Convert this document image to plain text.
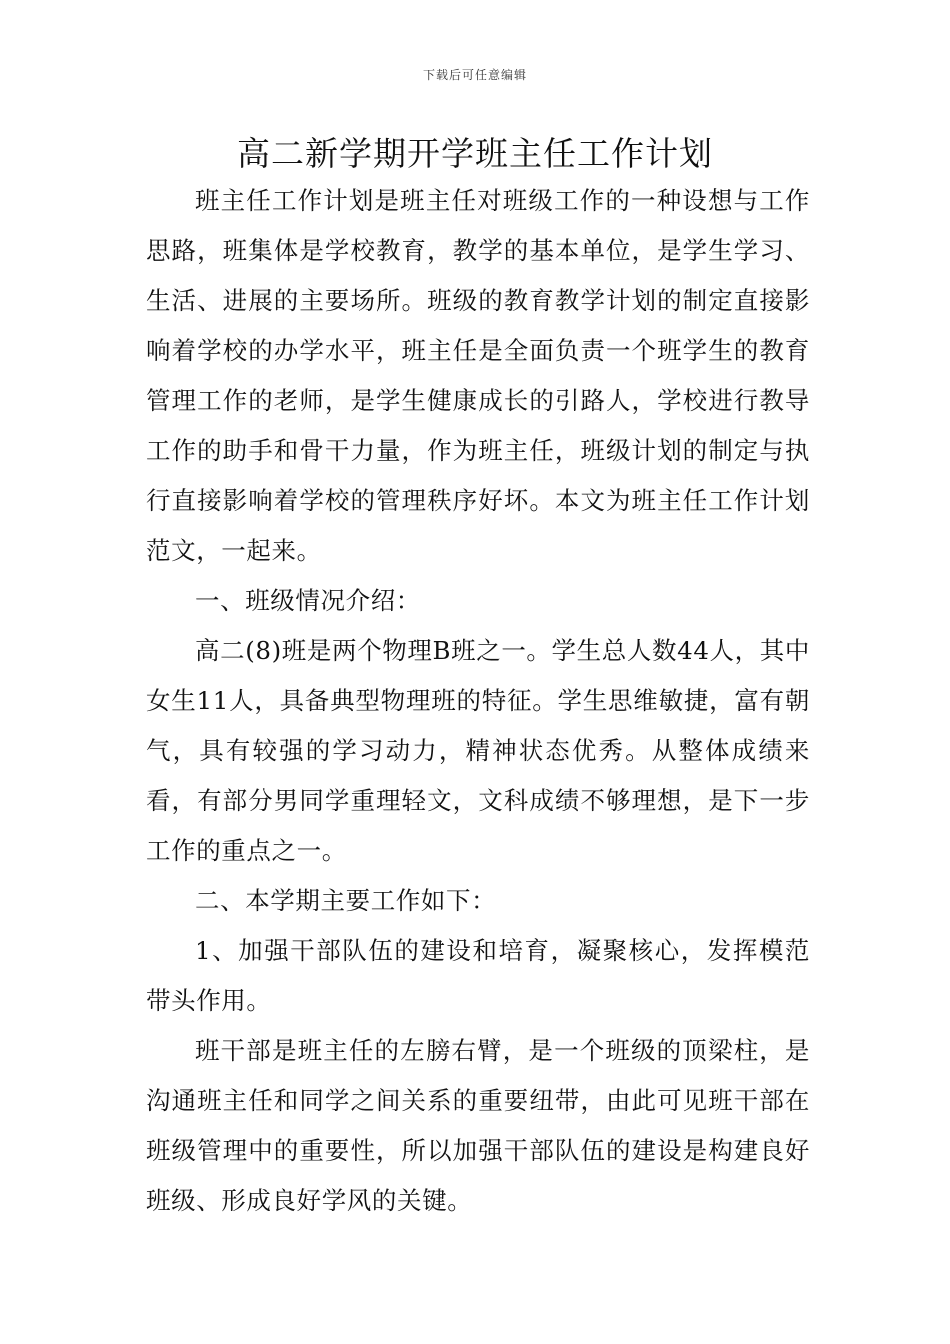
下载后可任意编辑
高二新学期开学班主任工作计划

班主任工作计划是班主任对班级工作的一种设想与工作思路，班集体是学校教育，教学的基本单位，是学生学习、生活、进展的主要场所。班级的教育教学计划的制定直接影响着学校的办学水平，班主任是全面负责一个班学生的教育管理工作的老师，是学生健康成长的引路人，学校进行教导工作的助手和骨干力量，作为班主任，班级计划的制定与执行直接影响着学校的管理秩序好坏。本文为班主任工作计划范文，一起来。

一、班级情况介绍：

高二(8)班是两个物理B班之一。学生总人数44人，其中女生11人，具备典型物理班的特征。学生思维敏捷，富有朝气，具有较强的学习动力，精神状态优秀。从整体成绩来看，有部分男同学重理轻文，文科成绩不够理想，是下一步工作的重点之一。

二、本学期主要工作如下：

1、加强干部队伍的建设和培育，凝聚核心，发挥模范带头作用。

班干部是班主任的左膀右臂，是一个班级的顶梁柱，是沟通班主任和同学之间关系的重要纽带，由此可见班干部在班级管理中的重要性，所以加强干部队伍的建设是构建良好班级、形成良好学风的关键。
